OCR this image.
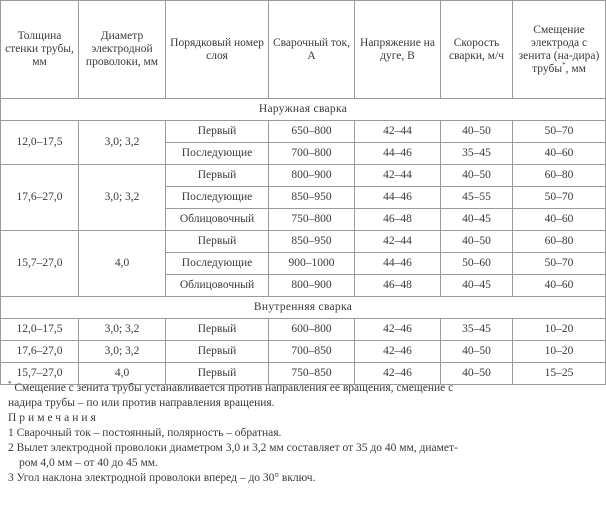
Толщина стенки трубы, мм	Диаметр электродной проволоки, мм	Порядковый номер слоя	Сварочный ток, А	Напряжение на дуге, В	Скорость сварки, м/ч	Смещение электрода с зенита (на-дира) трубы*, мм
Наружная сварка						
12,0–17,5	3,0; 3,2	Первый	650–800	42–44	40–50	50–70
		Последующие	700–800	44–46	35–45	40–60
17,6–27,0	3,0; 3,2	Первый	800–900	42–44	40–50	60–80
		Последующие	850–950	44–46	45–55	50–70
		Облицовочный	750–800	46–48	40–45	40–60
15,7–27,0	4,0	Первый	850–950	42–44	40–50	60–80
		Последующие	900–1000	44–46	50–60	50–70
		Облицовочный	800–900	46–48	40–45	40–60
Внутренняя сварка						
12,0–17,5	3,0; 3,2	Первый	600–800	42–46	35–45	10–20
17,6–27,0	3,0; 3,2	Первый	700–850	42–46	40–50	10–20
15,7–27,0	4,0	Первый	750–850	42–46	40–50	15–25

* Смещение с зенита трубы устанавливается против направления ее вращения, смещение с

надира трубы – по или против направления вращения.

Примечания

1 Сварочный ток – постоянный, полярность – обратная.

2 Вылет электродной проволоки диаметром 3,0 и 3,2 мм составляет от 35 до 40 мм, диамет-

ром 4,0 мм – от 40 до 45 мм.

3 Угол наклона электродной проволоки вперед – до 30° включ.
